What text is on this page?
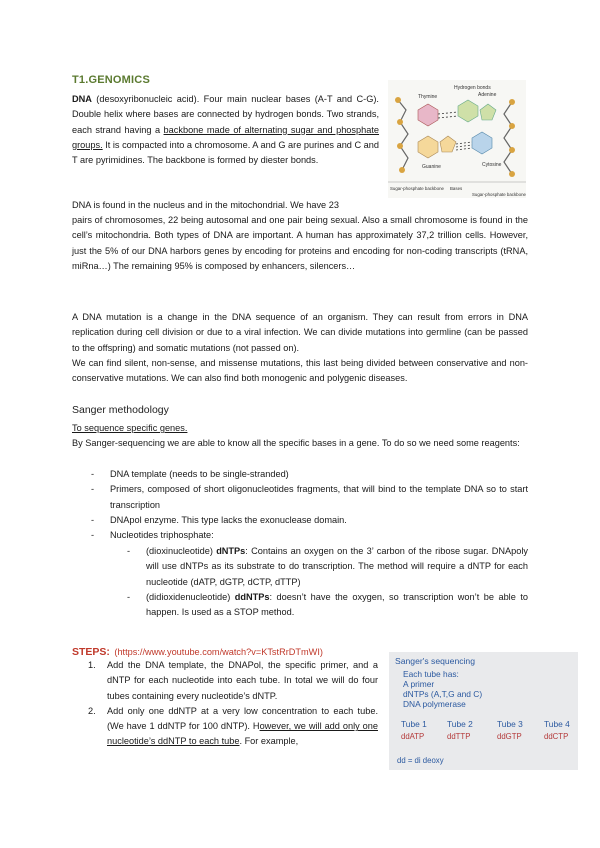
T1.GENOMICS
DNA (desoxyribonucleic acid). Four main nuclear bases (A-T and C-G). Double helix where bases are connected by hydrogen bonds. Two strands, each strand having a backbone made of alternating sugar and phosphate groups. It is compacted into a chromosome. A and G are purines and C and T are pyrimidines. The backbone is formed by diester bonds.
Hydrogen bonds
Thymine	Adenine
Guanine	Cytosine
Sugar-phosphate backbone Bases
Sugar-phosphate backbone
DNA is found in the nucleus and in the mitochondrial. We have 23
pairs of chromosomes, 22 being autosomal and one pair being sexual. Also a small chromosome is found in the cell’s mitochondria. Both types of DNA are important. A human has approximately 37,2 trillion cells. However, just the 5% of our DNA harbors genes by encoding for proteins and encoding for non-coding transcripts (tRNA, miRna…) The remaining 95% is composed by enhancers, silencers…
A DNA mutation is a change in the DNA sequence of an organism. They can result from errors in DNA replication during cell division or due to a viral infection. We can divide mutations into germline (can be passed to the offspring) and somatic mutations (not passed on).
We can find silent, non-sense, and missense mutations, this last being divided between conservative and non-conservative mutations. We can also find both monogenic and polygenic diseases.
Sanger methodology
To sequence specific genes.
By Sanger-sequencing we are able to know all the specific bases in a gene. To do so we need some reagents:
- DNA template (needs to be single-stranded)
- Primers, composed of short oligonucleotides fragments, that will bind to the template DNA so to start transcription
- DNApol enzyme. This type lacks the exonuclease domain.
- Nucleotides triphosphate:
- (dioxinucleotide) dNTPs: Contains an oxygen on the 3’ carbon of the ribose sugar. DNApoly will use dNTPs as its substrate to do transcription. The method will require a dNTP for each nucleotide (dATP, dGTP, dCTP, dTTP)
- (didioxidenucleotide) ddNTPs: doesn’t have the oxygen, so transcription won’t be able to happen. Is used as a STOP method.
STEPS: (https://www.youtube.com/watch?v=KTstRrDTmWI)
1. Add the DNA template, the DNAPol, the specific primer, and a dNTP for each nucleotide into each tube. In total we will do four tubes containing every nucleotide’s dNTP.
2. Add only one ddNTP at a very low concentration to each tube. (We have 1 ddNTP for 100 dNTP). However, we will add only one nucleotide’s ddNTP to each tube. For example,
Sanger's sequencing
Each tube has:
A primer
dNTPs (A,T,G and C)
DNA polymerase
Tube 1 Tube 2	Tube 3	Tube 4
ddATP	ddTTP	ddGTP	ddCTP
dd = di deoxy
